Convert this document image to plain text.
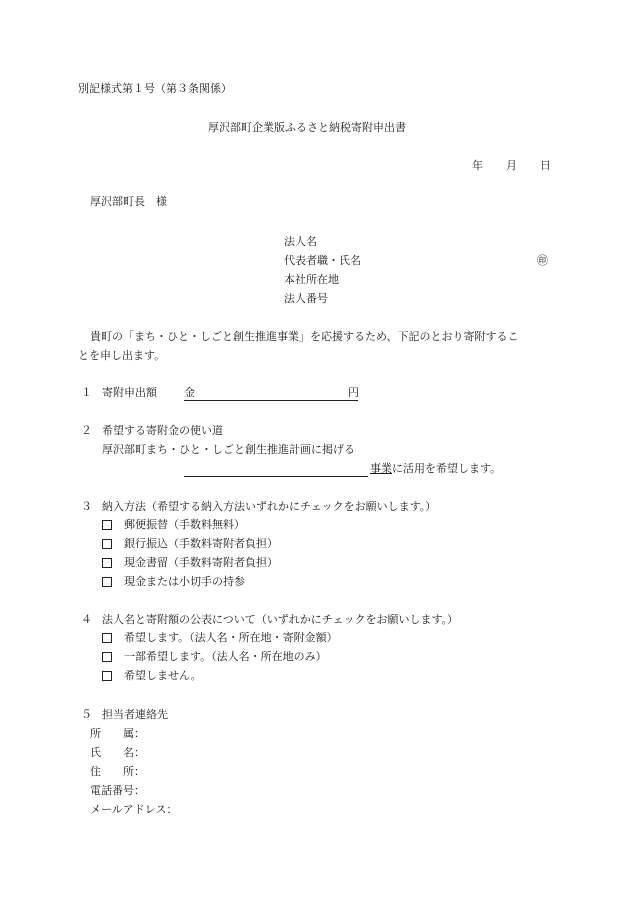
別記様式第１号（第３条関係）
厚沢部町企業版ふるさと納税寄附申出書
年 月 日
厚沢部町長　様
法人名
代表者職・氏名	㊞
本社所在地
法人番号
貴町の「まち・ひと・しごと創生推進事業」を応援するため、下記のとおり寄附するこ
とを申し出ます。
１ 寄附申出額 金	円
２ 希望する寄附金の使い道
厚沢部町まち・ひと・しごと創生推進計画に掲げる
事業 に活用を希望します。
３ 納入方法（希望する納入方法いずれかにチェックをお願いします。）
郵便振替（手数料無料）
銀行振込（手数料寄附者負担）
現金書留（手数料寄附者負担）
現金または小切手の持参
４ 法人名と寄附額の公表について（いずれかにチェックをお願いします。）
希望します。（法人名・所在地・寄附金額）
一部希望します。（法人名・所在地のみ）
希望しません。
５ 担当者連絡先
所　　属：
氏　　名：
住　　所：
電話番号：
メールアドレス：
